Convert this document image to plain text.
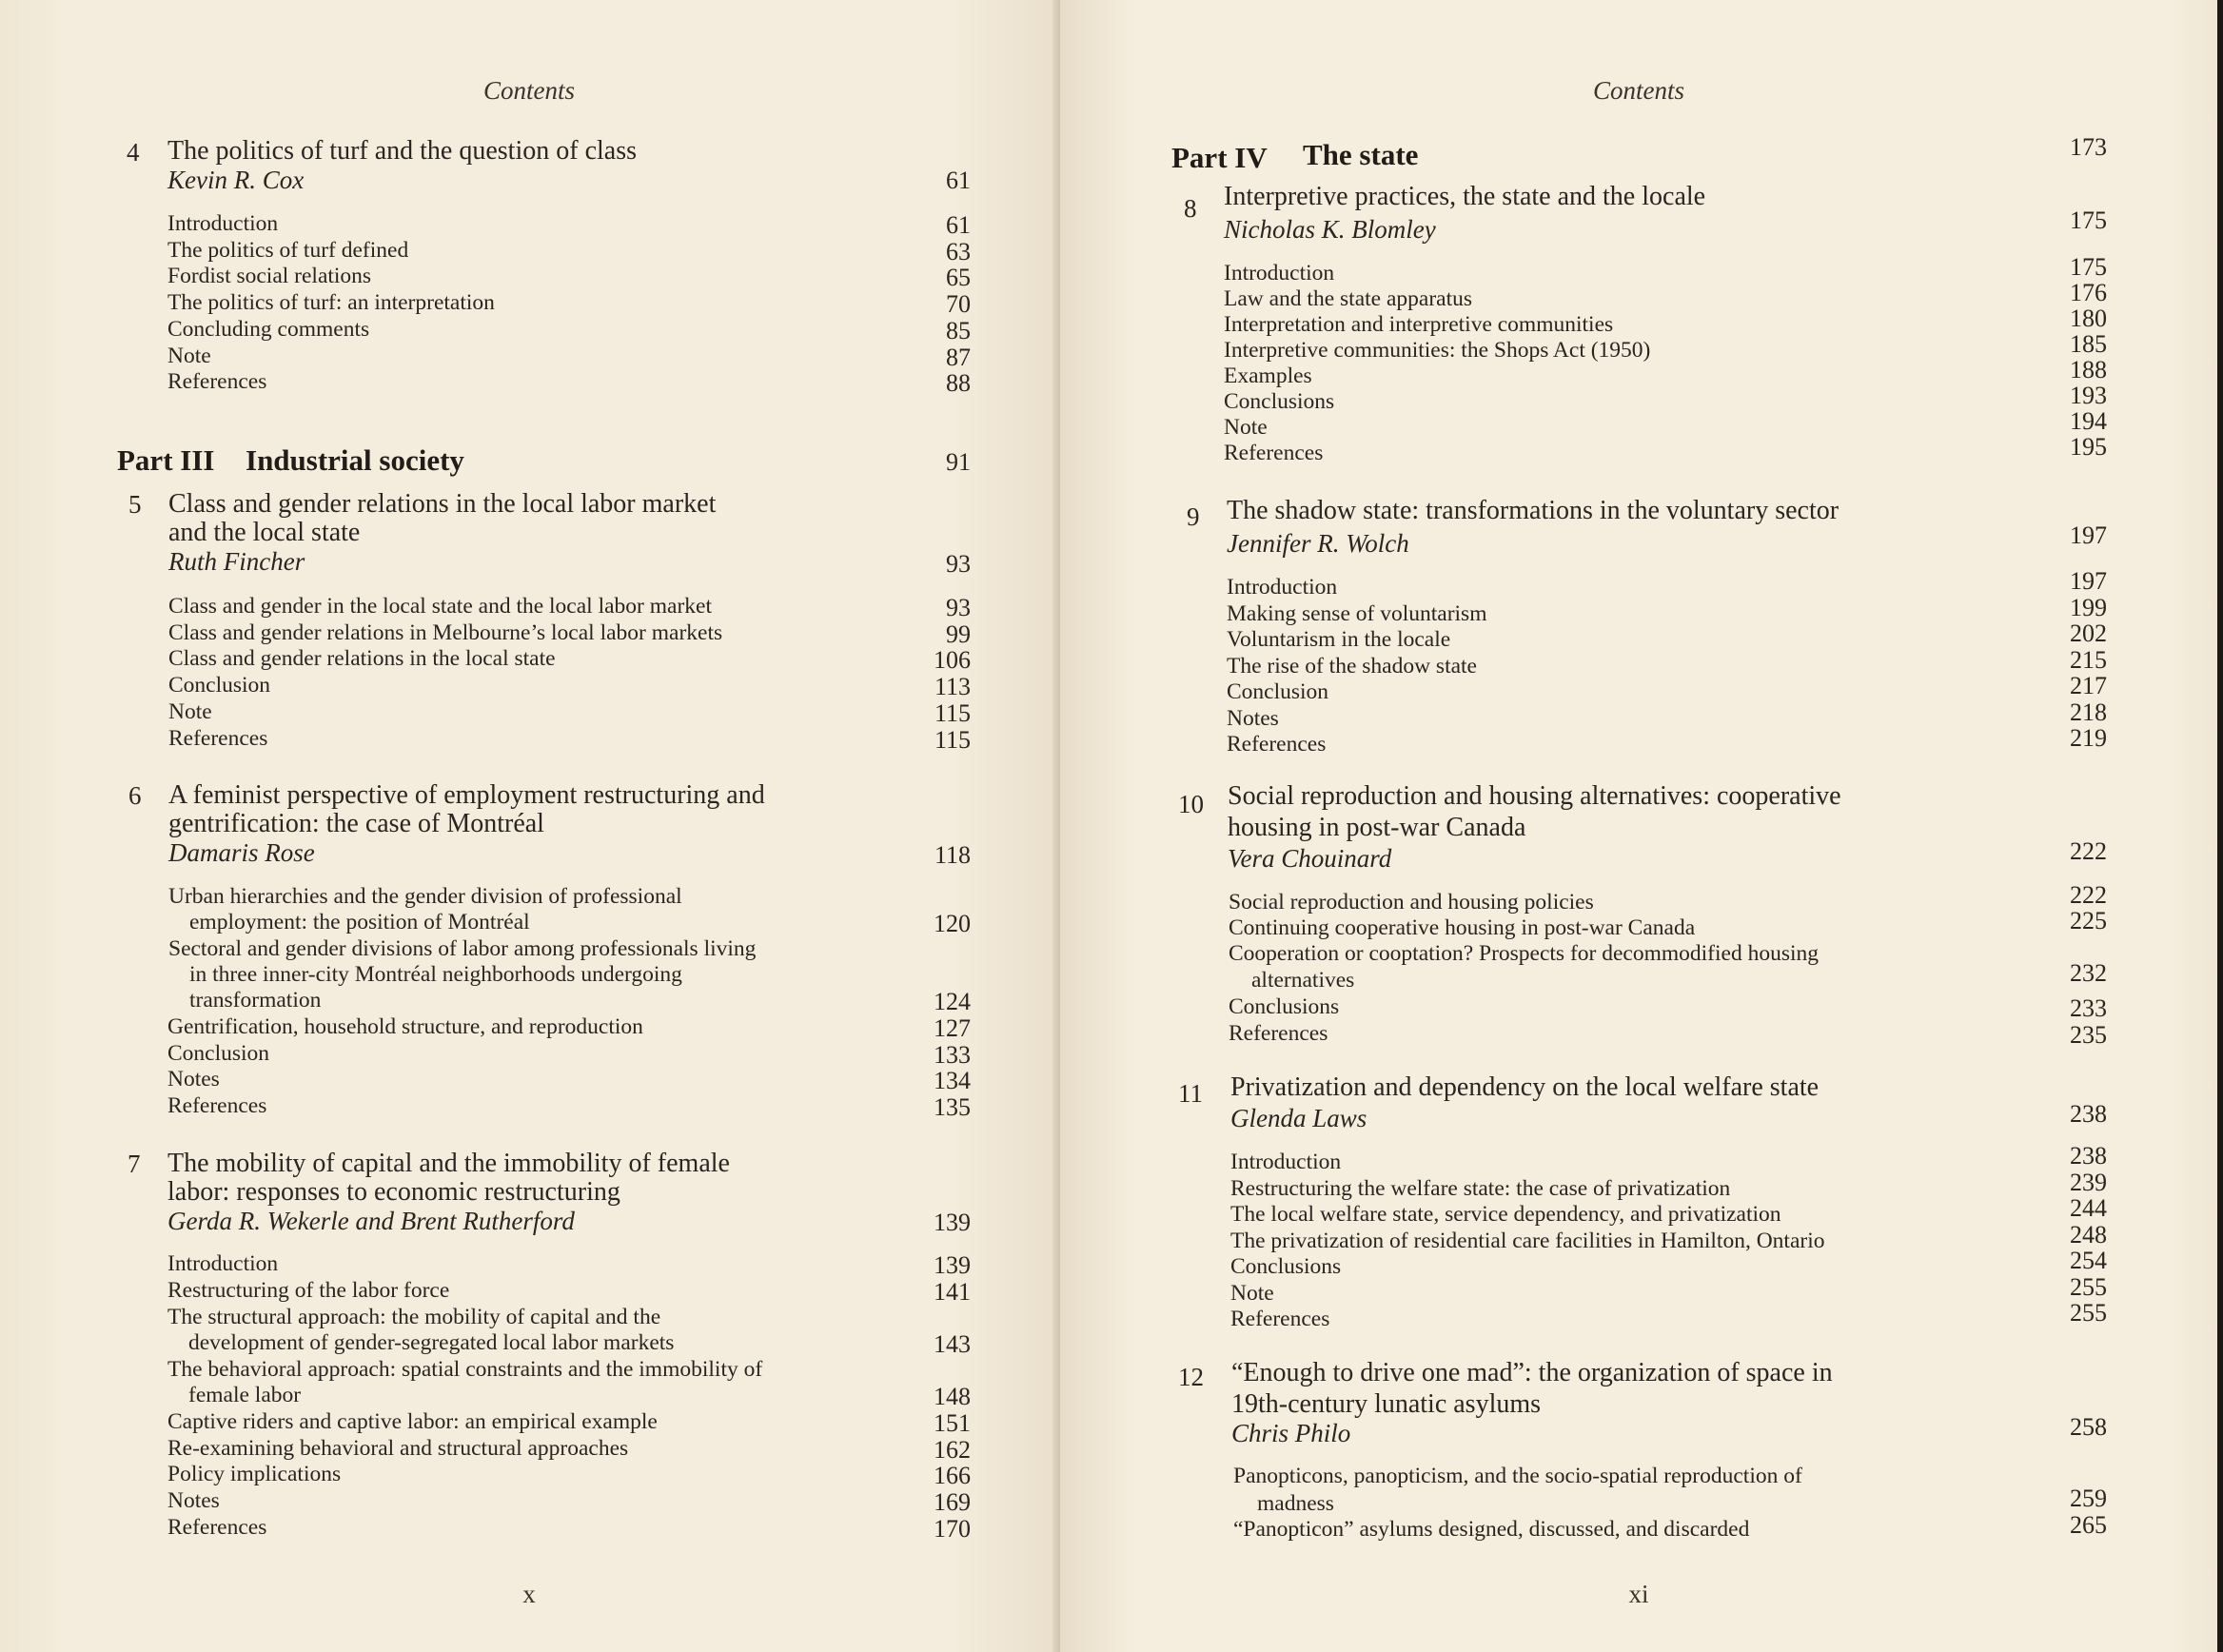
Contents
4 The politics of turf and the question of class
Kevin R. Cox	61
Introduction	61
The politics of turf defined	63
Fordist social relations	65
The politics of turf: an interpretation	70
Concluding comments	85
Note	87
References	88
Part III Industrial society	91
5 Class and gender relations in the local labor market
and the local state
Ruth Fincher	93
Class and gender in the local state and the local labor market	93
Class and gender relations in Melbourne’s local labor markets	99
Class and gender relations in the local state	106
Conclusion	113
Note	115
References	115
6 A feminist perspective of employment restructuring and
gentrification: the case of Montréal
Damaris Rose	118
Urban hierarchies and the gender division of professional
employment: the position of Montréal	120
Sectoral and gender divisions of labor among professionals living
in three inner-city Montréal neighborhoods undergoing
transformation	124
Gentrification, household structure, and reproduction	127
Conclusion	133
Notes	134
References	135
7 The mobility of capital and the immobility of female
labor: responses to economic restructuring
Gerda R. Wekerle and Brent Rutherford	139
Introduction	139
Restructuring of the labor force	141
The structural approach: the mobility of capital and the
development of gender-segregated local labor markets	143
The behavioral approach: spatial constraints and the immobility of
female labor	148
Captive riders and captive labor: an empirical example	151
Re-examining behavioral and structural approaches	162
Policy implications	166
Notes	169
References	170
x
Contents
Part IV The state	173
8 Interpretive practices, the state and the locale
Nicholas K. Blomley	175
Introduction	175
Law and the state apparatus	176
Interpretation and interpretive communities	180
Interpretive communities: the Shops Act (1950)	185
Examples	188
Conclusions	193
Note	194
References	195
9 The shadow state: transformations in the voluntary sector
Jennifer R. Wolch	197
Introduction	197
Making sense of voluntarism	199
Voluntarism in the locale	202
The rise of the shadow state	215
Conclusion	217
Notes	218
References	219
10 Social reproduction and housing alternatives: cooperative
housing in post-war Canada
Vera Chouinard	222
Social reproduction and housing policies	222
Continuing cooperative housing in post-war Canada	225
Cooperation or cooptation? Prospects for decommodified housing
alternatives	232
Conclusions	233
References	235
11 Privatization and dependency on the local welfare state
Glenda Laws	238
Introduction	238
Restructuring the welfare state: the case of privatization	239
The local welfare state, service dependency, and privatization	244
The privatization of residential care facilities in Hamilton, Ontario	248
Conclusions	254
Note	255
References	255
12 “Enough to drive one mad”: the organization of space in
19th-century lunatic asylums
Chris Philo	258
Panopticons, panopticism, and the socio-spatial reproduction of
madness	259
“Panopticon” asylums designed, discussed, and discarded	265
xi
